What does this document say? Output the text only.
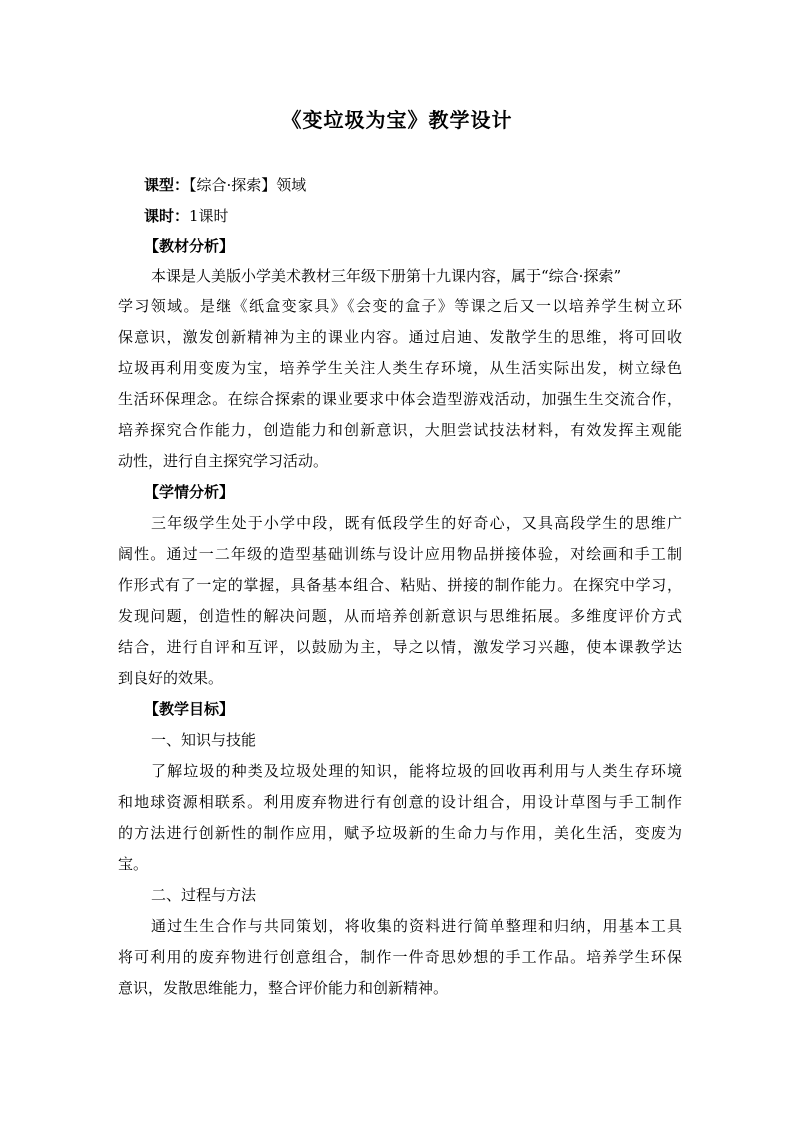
《变垃圾为宝》教学设计
课型：【综合·探索】领域
课时：1课时
【教材分析】
本课是人美版小学美术教材三年级下册第十九课内容，属于“综合·探索”
学习领域。是继《纸盒变家具》《会变的盒子》等课之后又一以培养学生树立环
保意识，激发创新精神为主的课业内容。通过启迪、发散学生的思维，将可回收
垃圾再利用变废为宝，培养学生关注人类生存环境，从生活实际出发，树立绿色
生活环保理念。在综合探索的课业要求中体会造型游戏活动，加强生生交流合作，
培养探究合作能力，创造能力和创新意识，大胆尝试技法材料，有效发挥主观能
动性，进行自主探究学习活动。
【学情分析】
三年级学生处于小学中段，既有低段学生的好奇心，又具高段学生的思维广
阔性。通过一二年级的造型基础训练与设计应用物品拼接体验，对绘画和手工制
作形式有了一定的掌握，具备基本组合、粘贴、拼接的制作能力。在探究中学习，
发现问题，创造性的解决问题，从而培养创新意识与思维拓展。多维度评价方式
结合，进行自评和互评，以鼓励为主，导之以情，激发学习兴趣，使本课教学达
到良好的效果。
【教学目标】
一、知识与技能
了解垃圾的种类及垃圾处理的知识，能将垃圾的回收再利用与人类生存环境
和地球资源相联系。利用废弃物进行有创意的设计组合，用设计草图与手工制作
的方法进行创新性的制作应用，赋予垃圾新的生命力与作用，美化生活，变废为
宝。
二、过程与方法
通过生生合作与共同策划，将收集的资料进行简单整理和归纳，用基本工具
将可利用的废弃物进行创意组合，制作一件奇思妙想的手工作品。培养学生环保
意识，发散思维能力，整合评价能力和创新精神。
